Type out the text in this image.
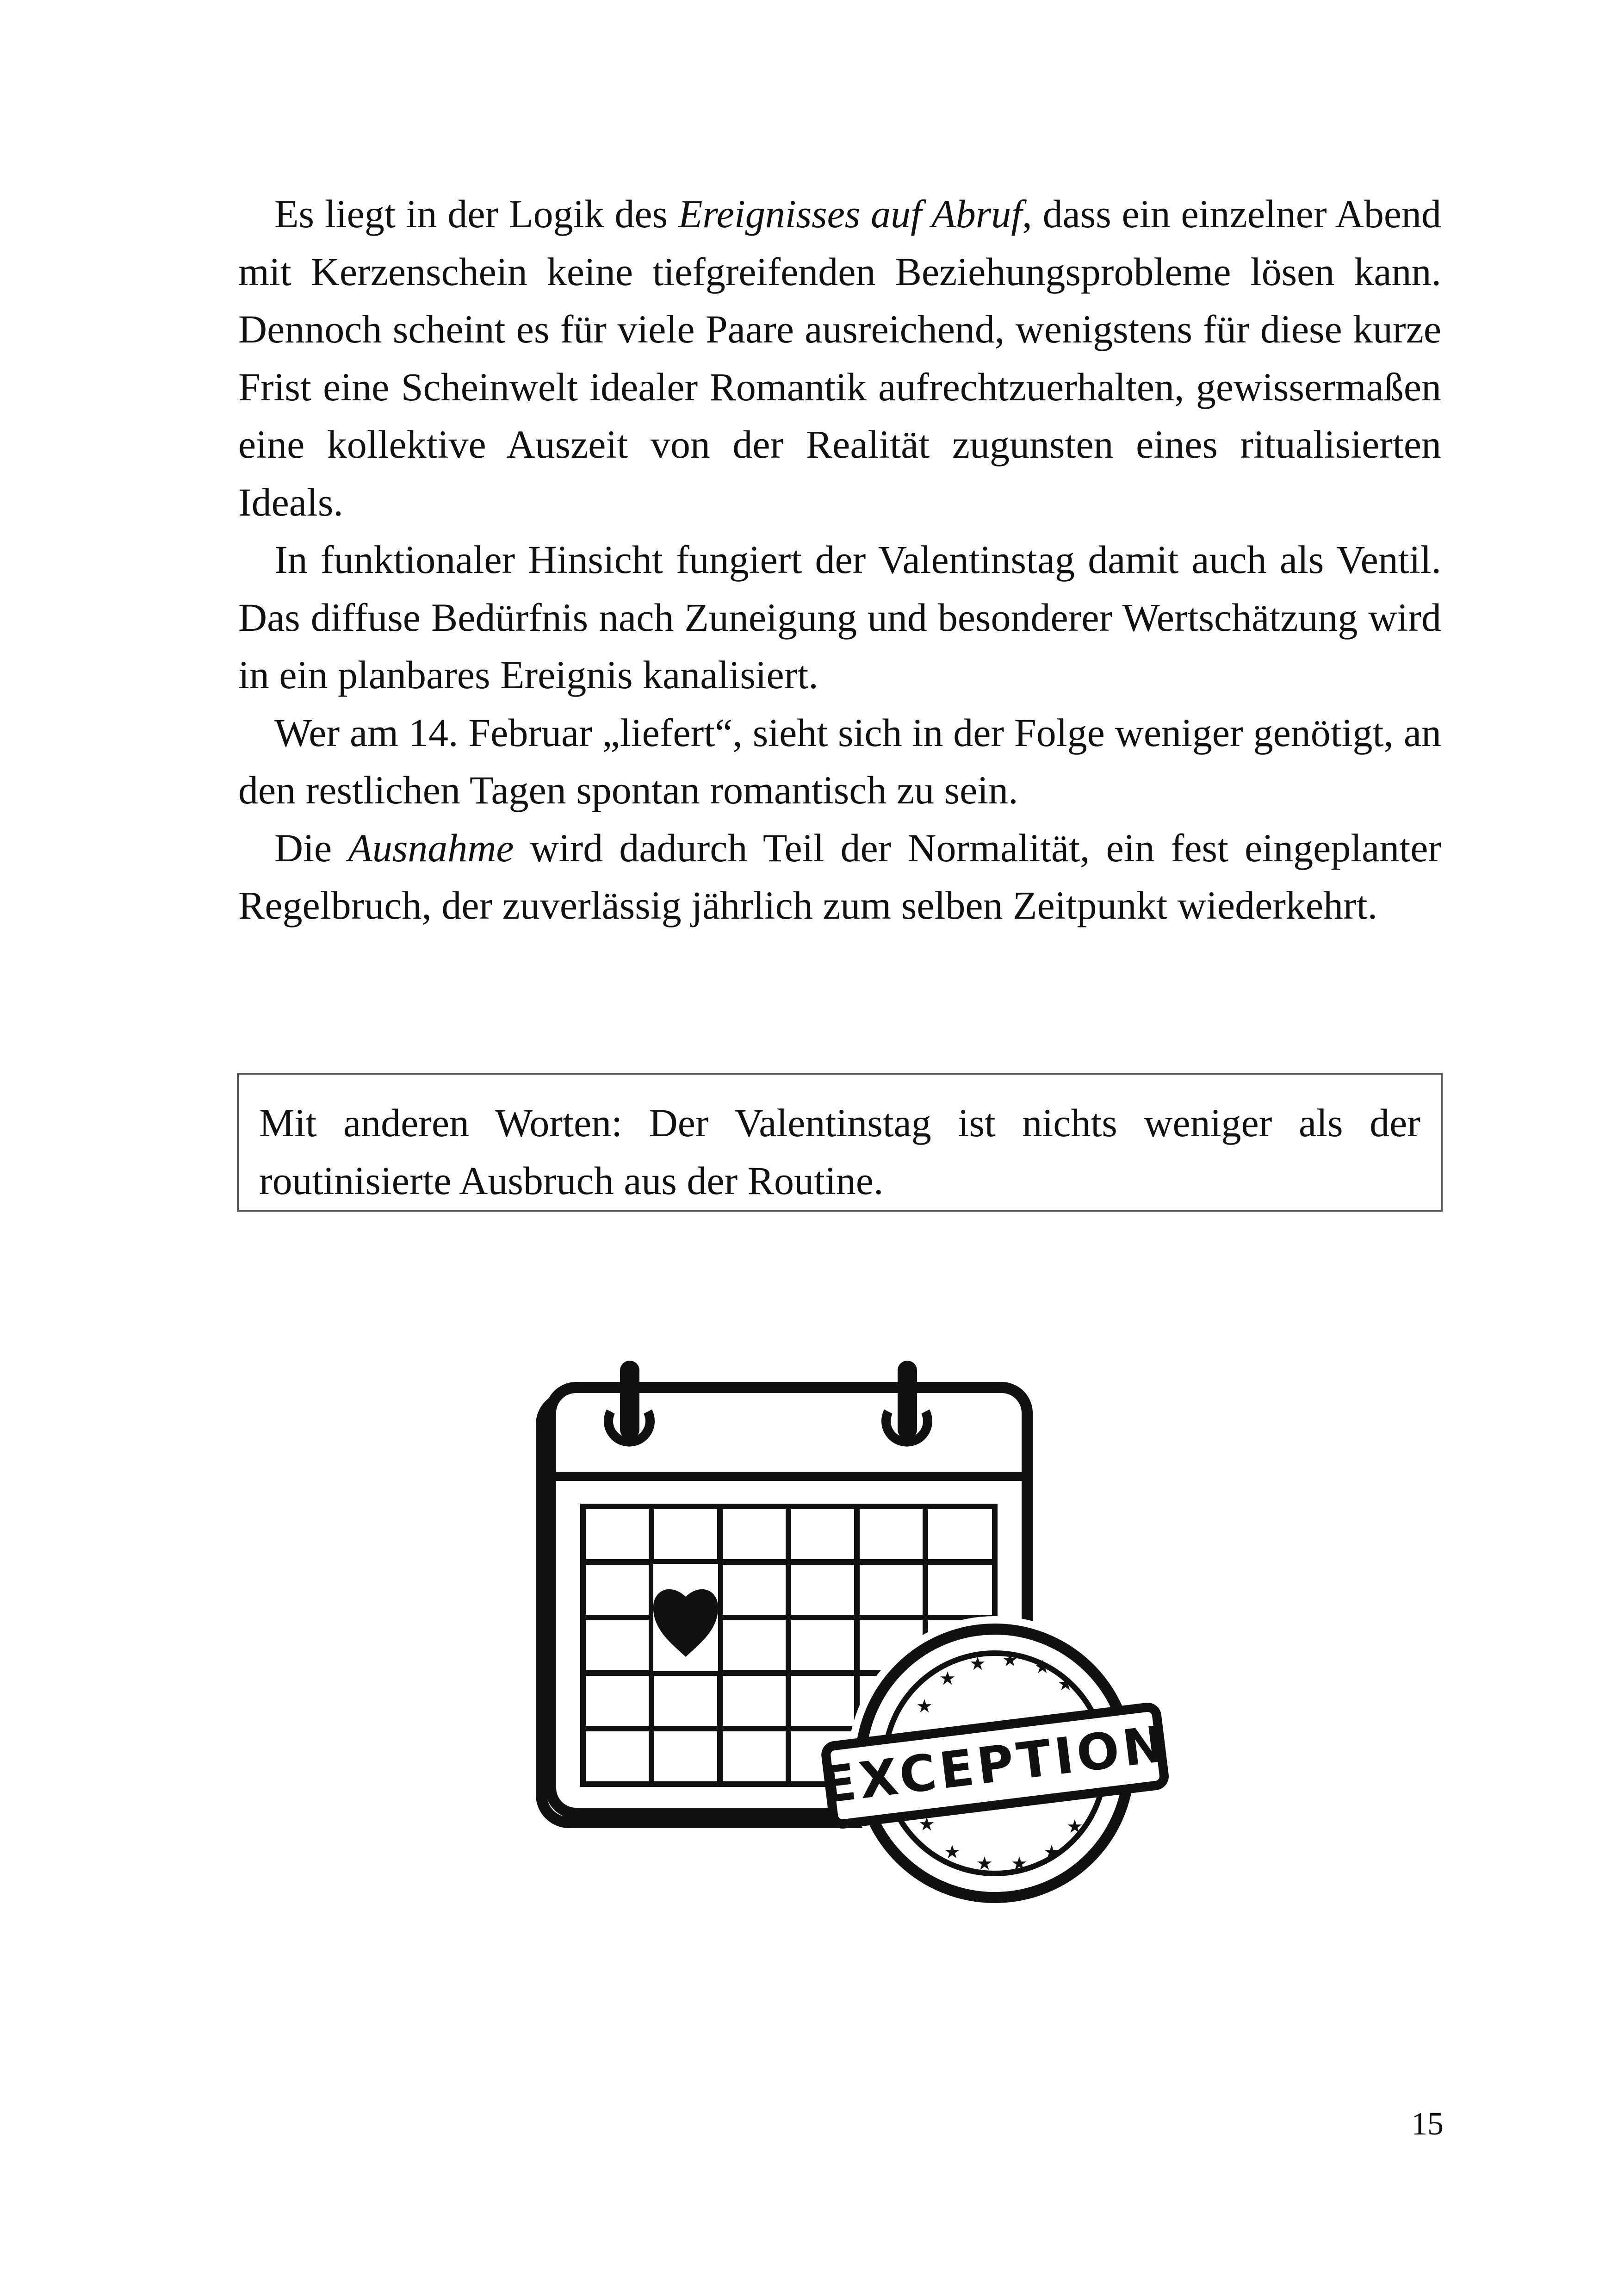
Es liegt in der Logik des Ereignisses auf Abruf, dass ein einzelner Abend mit Kerzenschein keine tiefgreifenden Beziehungsprobleme lösen kann. Dennoch scheint es für viele Paare ausreichend, wenigstens für diese kurze Frist eine Scheinwelt idealer Romantik aufrechtzuerhalten, gewissermaßen eine kollektive Auszeit von der Realität zugunsten eines ritualisierten Ideals.

In funktionaler Hinsicht fungiert der Valentinstag damit auch als Ventil. Das diffuse Bedürfnis nach Zuneigung und besonderer Wertschätzung wird in ein planbares Ereignis kanalisiert.

Wer am 14. Februar „liefert“, sieht sich in der Folge weniger genötigt, an den restlichen Tagen spontan romantisch zu sein.

Die Ausnahme wird dadurch Teil der Normalität, ein fest eingeplanter Regelbruch, der zuverlässig jährlich zum selben Zeitpunkt wiederkehrt.

Mit anderen Worten: Der Valentinstag ist nichts weniger als der routinisierte Ausbruch aus der Routine.
★
★ ★ ★
★
★
★
★
★ ★
★
★
EXCEPTION
15
